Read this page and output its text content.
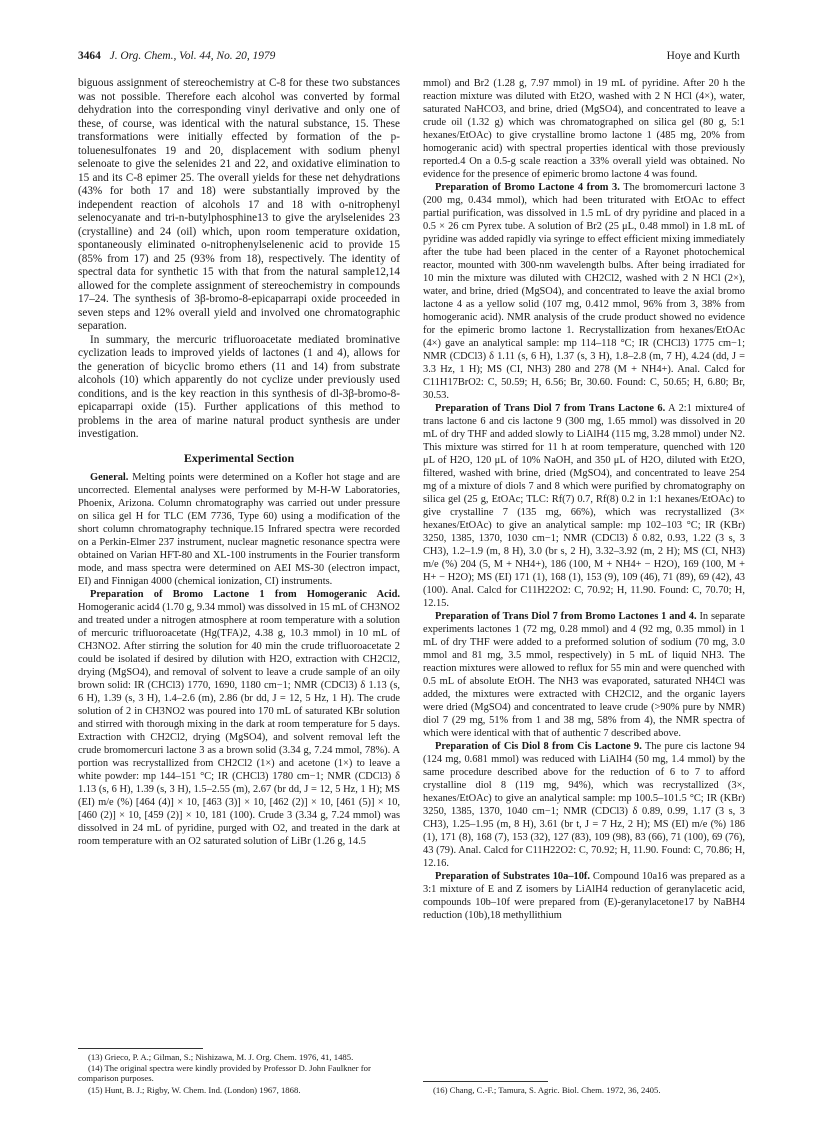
3464 J. Org. Chem., Vol. 44, No. 20, 1979	Hoye and Kurth

biguous assignment of stereochemistry at C-8 for these two substances was not possible. Therefore each alcohol was converted by formal dehydration into the corresponding vinyl derivative and only one of these, of course, was identical with the natural substance, 15. These transformations were initially effected by formation of the p-toluenesulfonates 19 and 20, displacement with sodium phenyl selenoate to give the selenides 21 and 22, and oxidative elimination to 15 and its C-8 epimer 25. The overall yields for these net dehydrations (43% for both 17 and 18) were substantially improved by the independent reaction of alcohols 17 and 18 with o-nitrophenyl selenocyanate and tri-n-butylphosphine13 to give the arylselenides 23 (crystalline) and 24 (oil) which, upon room temperature oxidation, spontaneously eliminated o-nitrophenylselenenic acid to provide 15 (85% from 17) and 25 (93% from 18), respectively. The identity of spectral data for synthetic 15 with that from the natural sample12,14 allowed for the complete assignment of stereochemistry in compounds 17–24. The synthesis of 3β-bromo-8-epicaparrapi oxide proceeded in seven steps and 12% overall yield and involved one chromatographic separation.

In summary, the mercuric trifluoroacetate mediated brominative cyclization leads to improved yields of lactones (1 and 4), allows for the generation of bicyclic bromo ethers (11 and 14) from substrate alcohols (10) which apparently do not cyclize under previously used conditions, and is the key reaction in this synthesis of dl-3β-bromo-8-epicaparrapi oxide (15). Further applications of this method to problems in the area of marine natural product synthesis are under investigation.

Experimental Section

General. Melting points were determined on a Kofler hot stage and are uncorrected. Elemental analyses were performed by M-H-W Laboratories, Phoenix, Arizona. Column chromatography was carried out under pressure on silica gel H for TLC (EM 7736, Type 60) using a modification of the short column chromatography technique.15 Infrared spectra were recorded on a Perkin-Elmer 237 instrument, nuclear magnetic resonance spectra were obtained on Varian HFT-80 and XL-100 instruments in the Fourier transform mode, and mass spectra were determined on AEI MS-30 (electron impact, EI) and Finnigan 4000 (chemical ionization, CI) instruments.

Preparation of Bromo Lactone 1 from Homogeranic Acid. Homogeranic acid4 (1.70 g, 9.34 mmol) was dissolved in 15 mL of CH3NO2 and treated under a nitrogen atmosphere at room temperature with a solution of mercuric trifluoroacetate (Hg(TFA)2, 4.38 g, 10.3 mmol) in 10 mL of CH3NO2. After stirring the solution for 40 min the crude trifluoroacetate 2 could be isolated if desired by dilution with H2O, extraction with CH2Cl2, drying (MgSO4), and removal of solvent to leave a crude sample of an oily brown solid: IR (CHCl3) 1770, 1690, 1180 cm−1; NMR (CDCl3) δ 1.13 (s, 6 H), 1.39 (s, 3 H), 1.4–2.6 (m), 2.86 (br dd, J = 12, 5 Hz, 1 H). The crude solution of 2 in CH3NO2 was poured into 170 mL of saturated KBr solution and stirred with thorough mixing in the dark at room temperature for 5 days. Extraction with CH2Cl2, drying (MgSO4), and solvent removal left the crude bromomercuri lactone 3 as a brown solid (3.34 g, 7.24 mmol, 78%). A portion was recrystallized from CH2Cl2 (1×) and acetone (1×) to leave a white powder: mp 144–151 °C; IR (CHCl3) 1780 cm−1; NMR (CDCl3) δ 1.13 (s, 6 H), 1.39 (s, 3 H), 1.5–2.55 (m), 2.67 (br dd, J = 12, 5 Hz, 1 H); MS (EI) m/e (%) [464 (4)] × 10, [463 (3)] × 10, [462 (2)] × 10, [461 (5)] × 10, [460 (2)] × 10, [459 (2)] × 10, 181 (100). Crude 3 (3.34 g, 7.24 mmol) was dissolved in 24 mL of pyridine, purged with O2, and treated in the dark at room temperature with an O2 saturated solution of LiBr (1.26 g, 14.5

mmol) and Br2 (1.28 g, 7.97 mmol) in 19 mL of pyridine. After 20 h the reaction mixture was diluted with Et2O, washed with 2 N HCl (4×), water, saturated NaHCO3, and brine, dried (MgSO4), and concentrated to leave a crude oil (1.32 g) which was chromatographed on silica gel (80 g, 5:1 hexanes/EtOAc) to give crystalline bromo lactone 1 (485 mg, 20% from homogeranic acid) with spectral properties identical with those previously reported.4 On a 0.5-g scale reaction a 33% overall yield was obtained. No evidence for the presence of epimeric bromo lactone 4 was found.

Preparation of Bromo Lactone 4 from 3. The bromomercuri lactone 3 (200 mg, 0.434 mmol), which had been triturated with EtOAc to effect partial purification, was dissolved in 1.5 mL of dry pyridine and placed in a 0.5 × 26 cm Pyrex tube. A solution of Br2 (25 μL, 0.48 mmol) in 1.8 mL of pyridine was added rapidly via syringe to effect efficient mixing immediately after the tube had been placed in the center of a Rayonet photochemical reactor, mounted with 300-nm wavelength bulbs. After being irradiated for 10 min the mixture was diluted with CH2Cl2, washed with 2 N HCl (2×), water, and brine, dried (MgSO4), and concentrated to leave the axial bromo lactone 4 as a yellow solid (107 mg, 0.412 mmol, 96% from 3, 38% from homogeranic acid). NMR analysis of the crude product showed no evidence for the epimeric bromo lactone 1. Recrystallization from hexanes/EtOAc (4×) gave an analytical sample: mp 114–118 °C; IR (CHCl3) 1775 cm−1; NMR (CDCl3) δ 1.11 (s, 6 H), 1.37 (s, 3 H), 1.8–2.8 (m, 7 H), 4.24 (dd, J = 3.3 Hz, 1 H); MS (CI, NH3) 280 and 278 (M + NH4+). Anal. Calcd for C11H17BrO2: C, 50.59; H, 6.56; Br, 30.60. Found: C, 50.65; H, 6.80; Br, 30.53.

Preparation of Trans Diol 7 from Trans Lactone 6. A 2:1 mixture4 of trans lactone 6 and cis lactone 9 (300 mg, 1.65 mmol) was dissolved in 20 mL of dry THF and added slowly to LiAlH4 (115 mg, 3.28 mmol) under N2. This mixture was stirred for 11 h at room temperature, quenched with 120 μL of H2O, 120 μL of 10% NaOH, and 350 μL of H2O, diluted with Et2O, filtered, washed with brine, dried (MgSO4), and concentrated to leave 254 mg of a mixture of diols 7 and 8 which were purified by chromatography on silica gel (25 g, EtOAc; TLC: Rf(7) 0.7, Rf(8) 0.2 in 1:1 hexanes/EtOAc) to give crystalline 7 (135 mg, 66%), which was recrystallized (3× hexanes/EtOAc) to give an analytical sample: mp 102–103 °C; IR (KBr) 3250, 1385, 1370, 1030 cm−1; NMR (CDCl3) δ 0.82, 0.93, 1.22 (3 s, 3 CH3), 1.2–1.9 (m, 8 H), 3.0 (br s, 2 H), 3.32–3.92 (m, 2 H); MS (CI, NH3) m/e (%) 204 (5, M + NH4+), 186 (100, M + NH4+ − H2O), 169 (100, M + H+ − H2O); MS (EI) 171 (1), 168 (1), 153 (9), 109 (46), 71 (89), 69 (42), 43 (100). Anal. Calcd for C11H22O2: C, 70.92; H, 11.90. Found: C, 70.70; H, 12.15.

Preparation of Trans Diol 7 from Bromo Lactones 1 and 4. In separate experiments lactones 1 (72 mg, 0.28 mmol) and 4 (92 mg, 0.35 mmol) in 1 mL of dry THF were added to a preformed solution of sodium (70 mg, 3.0 mmol and 81 mg, 3.5 mmol, respectively) in 5 mL of liquid NH3. The reaction mixtures were allowed to reflux for 55 min and were quenched with 0.5 mL of absolute EtOH. The NH3 was evaporated, saturated NH4Cl was added, the mixtures were extracted with CH2Cl2, and the organic layers were dried (MgSO4) and concentrated to leave crude (>90% pure by NMR) diol 7 (29 mg, 51% from 1 and 38 mg, 58% from 4), the NMR spectra of which were identical with that of authentic 7 described above.

Preparation of Cis Diol 8 from Cis Lactone 9. The pure cis lactone 94 (124 mg, 0.681 mmol) was reduced with LiAlH4 (50 mg, 1.4 mmol) by the same procedure described above for the reduction of 6 to 7 to afford crystalline diol 8 (119 mg, 94%), which was recrystallized (3×, hexanes/EtOAc) to give an analytical sample: mp 100.5–101.5 °C; IR (KBr) 3250, 1385, 1370, 1040 cm−1; NMR (CDCl3) δ 0.89, 0.99, 1.17 (3 s, 3 CH3), 1.25–1.95 (m, 8 H), 3.61 (br t, J = 7 Hz, 2 H); MS (EI) m/e (%) 186 (1), 171 (8), 168 (7), 153 (32), 127 (83), 109 (98), 83 (66), 71 (100), 69 (76), 43 (79). Anal. Calcd for C11H22O2: C, 70.92; H, 11.90. Found: C, 70.86; H, 12.16.

Preparation of Substrates 10a–10f. Compound 10a16 was prepared as a 3:1 mixture of E and Z isomers by LiAlH4 reduction of geranylacetic acid, compounds 10b–10f were prepared from (E)-geranylacetone17 by NaBH4 reduction (10b),18 methyllithium

(13) Grieco, P. A.; Gilman, S.; Nishizawa, M. J. Org. Chem. 1976, 41, 1485.

(14) The original spectra were kindly provided by Professor D. John Faulkner for comparison purposes.

(15) Hunt, B. J.; Rigby, W. Chem. Ind. (London) 1967, 1868.	(16) Chang, C.-F.; Tamura, S. Agric. Biol. Chem. 1972, 36, 2405.
